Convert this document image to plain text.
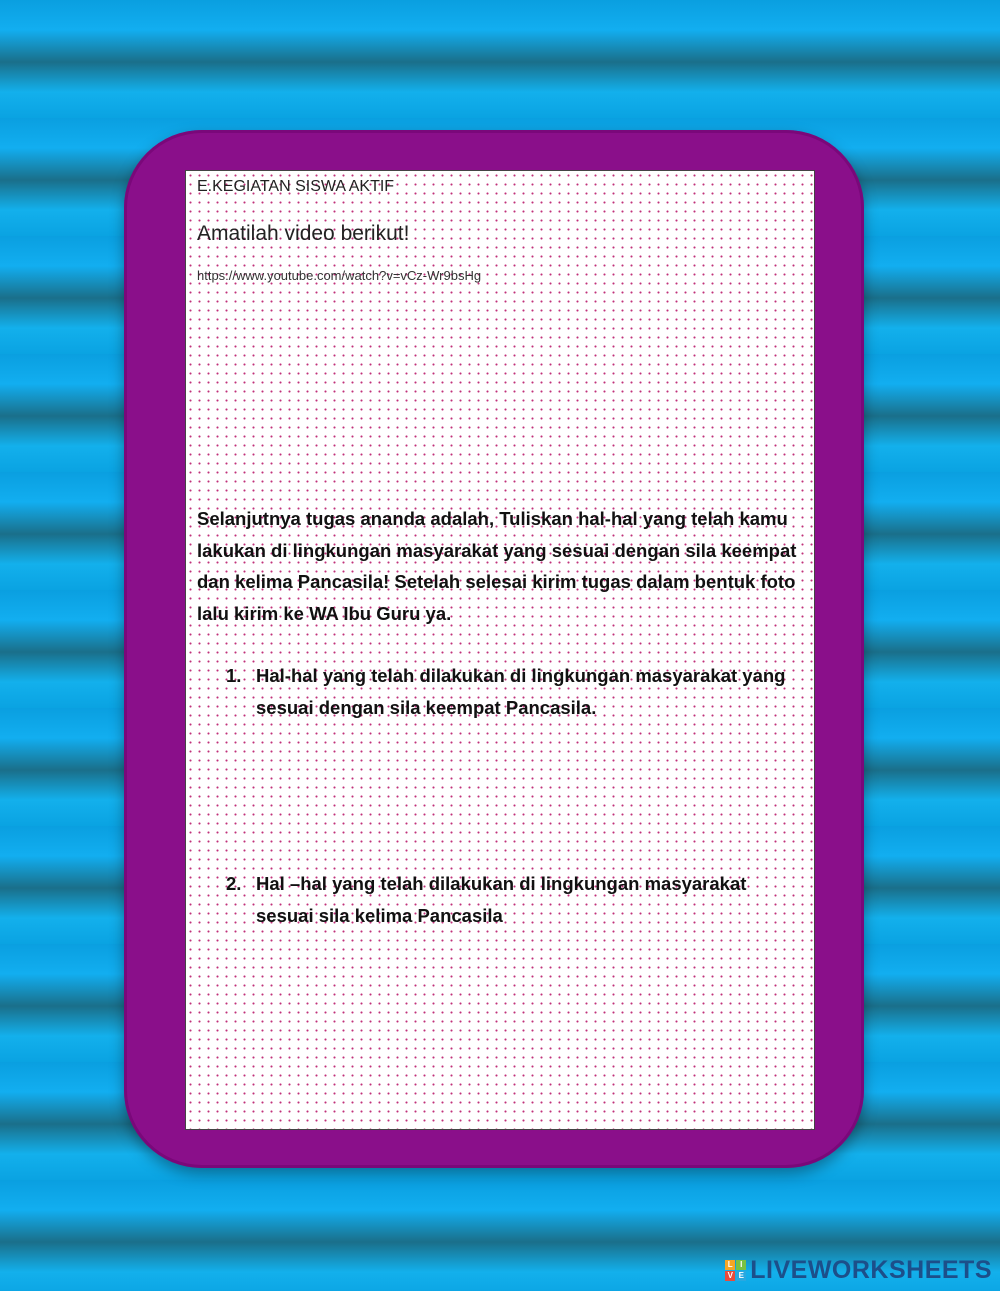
E.KEGIATAN SISWA AKTIF
Amatilah video berikut!
https://www.youtube.com/watch?v=vCz-Wr9bsHg
Selanjutnya tugas ananda adalah, Tuliskan hal-hal yang telah kamu lakukan di lingkungan masyarakat yang sesuai dengan sila keempat dan kelima Pancasila! Setelah selesai kirim tugas dalam bentuk foto lalu kirim ke WA Ibu Guru ya.
1. Hal-hal yang telah dilakukan di lingkungan masyarakat yang sesuai dengan sila keempat Pancasila.
2. Hal –hal yang telah dilakukan di lingkungan masyarakat sesuai sila kelima Pancasila
L I
V E LIVEWORKSHEETS
